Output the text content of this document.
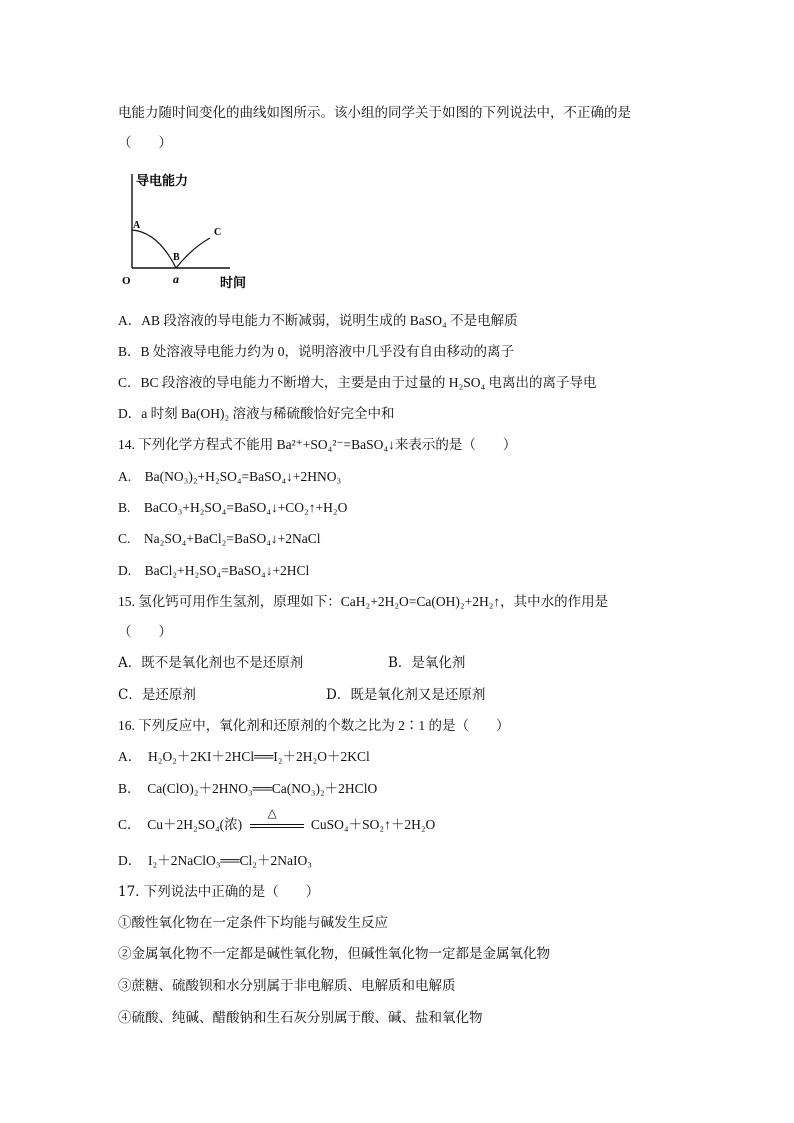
电能力随时间变化的曲线如图所示。该小组的同学关于如图的下列说法中，不正确的是
（　　）
导电能力
A
B
C
O	a	时间
A．AB 段溶液的导电能力不断减弱，说明生成的 BaSO₄ 不是电解质
B．B 处溶液导电能力约为 0，说明溶液中几乎没有自由移动的离子
C．BC 段溶液的导电能力不断增大，主要是由于过量的 H₂SO₄ 电离出的离子导电
D．a 时刻 Ba(OH)₂ 溶液与稀硫酸恰好完全中和
14. 下列化学方程式不能用 Ba²⁺+SO₄²⁻=BaSO₄↓来表示的是（　　）
A.　Ba(NO₃)₂+H₂SO₄=BaSO₄↓+2HNO₃
B.　BaCO₃+H₂SO₄=BaSO₄↓+CO₂↑+H₂O
C.　Na₂SO₄+BaCl₂=BaSO₄↓+2NaCl
D.　BaCl₂+H₂SO₄=BaSO₄↓+2HCl
15. 氢化钙可用作生氢剂，原理如下：CaH₂+2H₂O=Ca(OH)₂+2H₂↑，其中水的作用是
（　　）
A．既不是氧化剂也不是还原剂	B．是氧化剂
C．是还原剂	D．既是氧化剂又是还原剂
16. 下列反应中，氧化剂和还原剂的个数之比为 2∶1 的是（　　）
A．　H₂O₂＋2KI＋2HCl══I₂＋2H₂O＋2KCl
B．　Ca(ClO)₂＋2HNO₃══Ca(NO₃)₂＋2HClO
C．　Cu＋2H₂SO₄(浓)
△
CuSO₄＋SO₂↑＋2H₂O
D．　I₂＋2NaClO₃══Cl₂＋2NaIO₃
17. 下列说法中正确的是（　　）
①酸性氧化物在一定条件下均能与碱发生反应
②金属氧化物不一定都是碱性氧化物，但碱性氧化物一定都是金属氧化物
③蔗糖、硫酸钡和水分别属于非电解质、电解质和电解质
④硫酸、纯碱、醋酸钠和生石灰分别属于酸、碱、盐和氧化物
